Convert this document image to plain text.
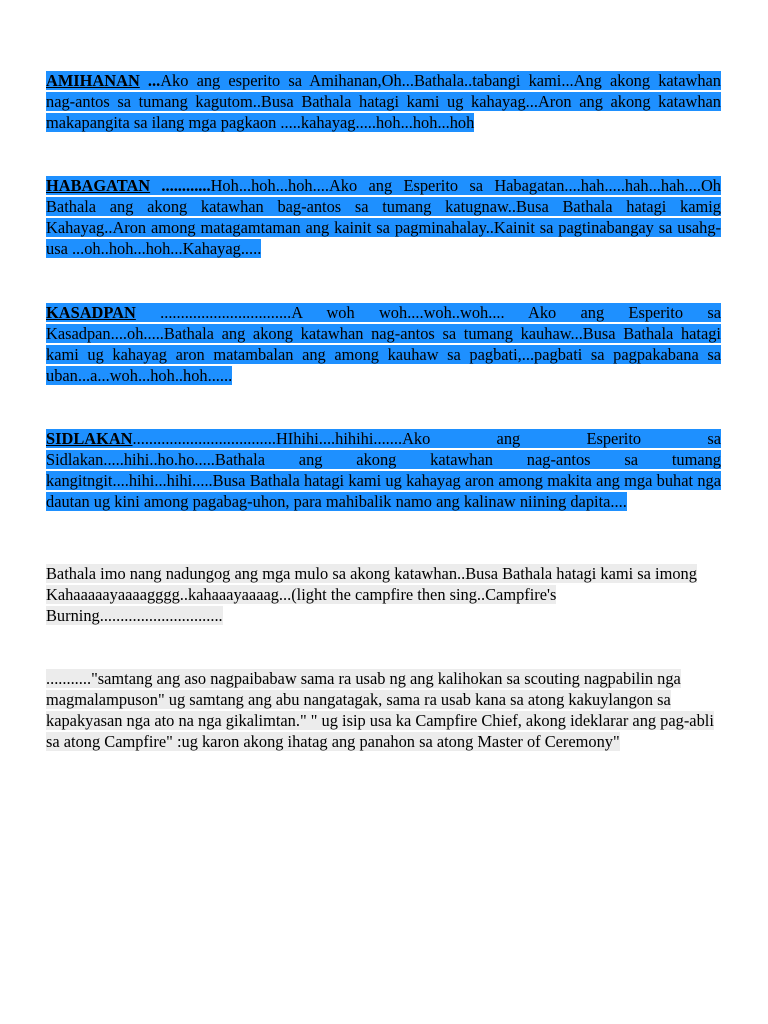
AMIHANAN ...Ako ang esperito sa Amihanan,Oh...Bathala..tabangi kami...Ang akong katawhan nag-antos sa tumang kagutom..Busa Bathala hatagi kami ug kahayag...Aron ang akong katawhan makapangita sa ilang mga pagkaon .....kahayag.....hoh...hoh...hoh

HABAGATAN ............Hoh...hoh...hoh....Ako ang Esperito sa Habagatan....hah.....hah...hah....Oh Bathala ang akong katawhan bag-antos sa tumang katugnaw..Busa Bathala hatagi kamig Kahayag..Aron among matagamtaman ang kainit sa pagminahalay..Kainit sa pagtinabangay sa usahg-usa ...oh..hoh...hoh...Kahayag.....

KASADPAN ................................A woh woh....woh..woh.... Ako ang Esperito sa Kasadpan....oh.....Bathala ang akong katawhan nag-antos sa tumang kauhaw...Busa Bathala hatagi kami ug kahayag aron matambalan ang among kauhaw sa pagbati,...pagbati sa pagpakabana sa uban...a...woh...hoh..hoh......

SIDLAKAN...................................HIhihi....hihihi.......Ako ang Esperito sa Sidlakan.....hihi..ho.ho.....Bathala ang akong katawhan nag-antos sa tumang kangitngit....hihi...hihi.....Busa Bathala hatagi kami ug kahayag aron among makita ang mga buhat nga dautan ug kini among pagabag-uhon, para mahibalik namo ang kalinaw niining dapita....

Bathala imo nang nadungog ang mga mulo sa akong katawhan..Busa Bathala hatagi kami sa imong Kahaaaaayaaaagggg..kahaaayaaaag...(light the campfire then sing..Campfire's Burning..............................

..........."samtang ang aso nagpaibabaw sama ra usab ng ang kalihokan sa scouting nagpabilin nga magmalampuson" ug samtang ang abu nangatagak, sama ra usab kana sa atong kakuylangon sa kapakyasan nga ato na nga gikalimtan." " ug isip usa ka Campfire Chief, akong ideklarar ang pag-abli sa atong Campfire" :ug karon akong ihatag ang panahon sa atong Master of Ceremony"
